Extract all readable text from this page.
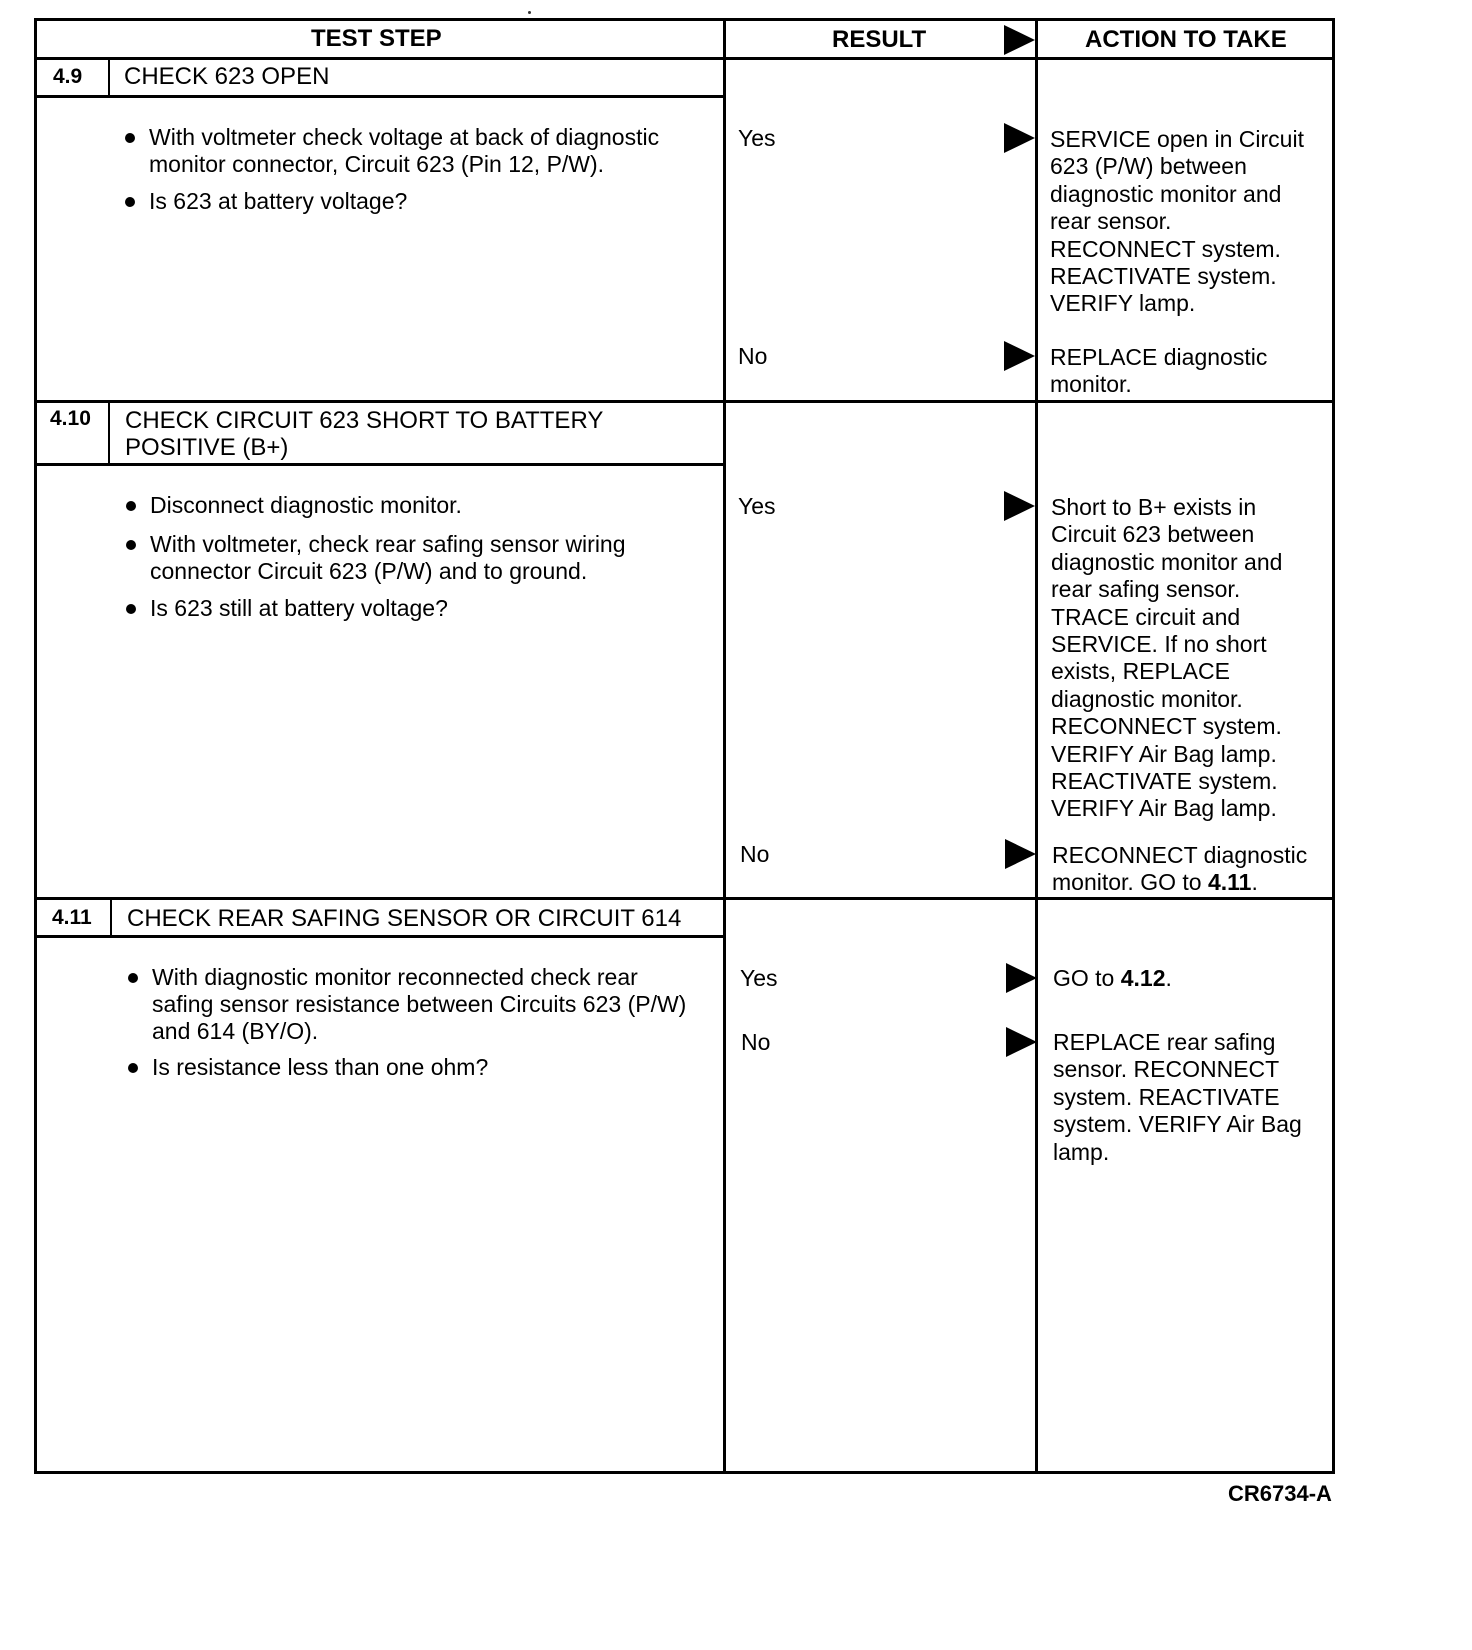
TEST STEP	RESULT	ACTION TO TAKE
4.9 CHECK 623 OPEN
With voltmeter check voltage at back of diagnostic
monitor connector, Circuit 623 (Pin 12, P/W).
Is 623 at battery voltage?
Yes	SERVICE open in Circuit
623 (P/W) between
diagnostic monitor and
rear sensor.
RECONNECT system.
REACTIVATE system.
VERIFY lamp.
No	REPLACE diagnostic
monitor.
4.10 CHECK CIRCUIT 623 SHORT TO BATTERY
POSITIVE (B+)
Disconnect diagnostic monitor.
With voltmeter, check rear safing sensor wiring
connector Circuit 623 (P/W) and to ground.
Is 623 still at battery voltage?
Yes	Short to B+ exists in
Circuit 623 between
diagnostic monitor and
rear safing sensor.
TRACE circuit and
SERVICE. If no short
exists, REPLACE
diagnostic monitor.
RECONNECT system.
VERIFY Air Bag lamp.
REACTIVATE system.
VERIFY Air Bag lamp.
No	RECONNECT diagnostic
monitor. GO to 4.11.
4.11 CHECK REAR SAFING SENSOR OR CIRCUIT 614
With diagnostic monitor reconnected check rear
safing sensor resistance between Circuits 623 (P/W)
and 614 (BY/O).
Is resistance less than one ohm?
Yes	GO to 4.12.
No	REPLACE rear safing
sensor. RECONNECT
system. REACTIVATE
system. VERIFY Air Bag
lamp.
CR6734-A
